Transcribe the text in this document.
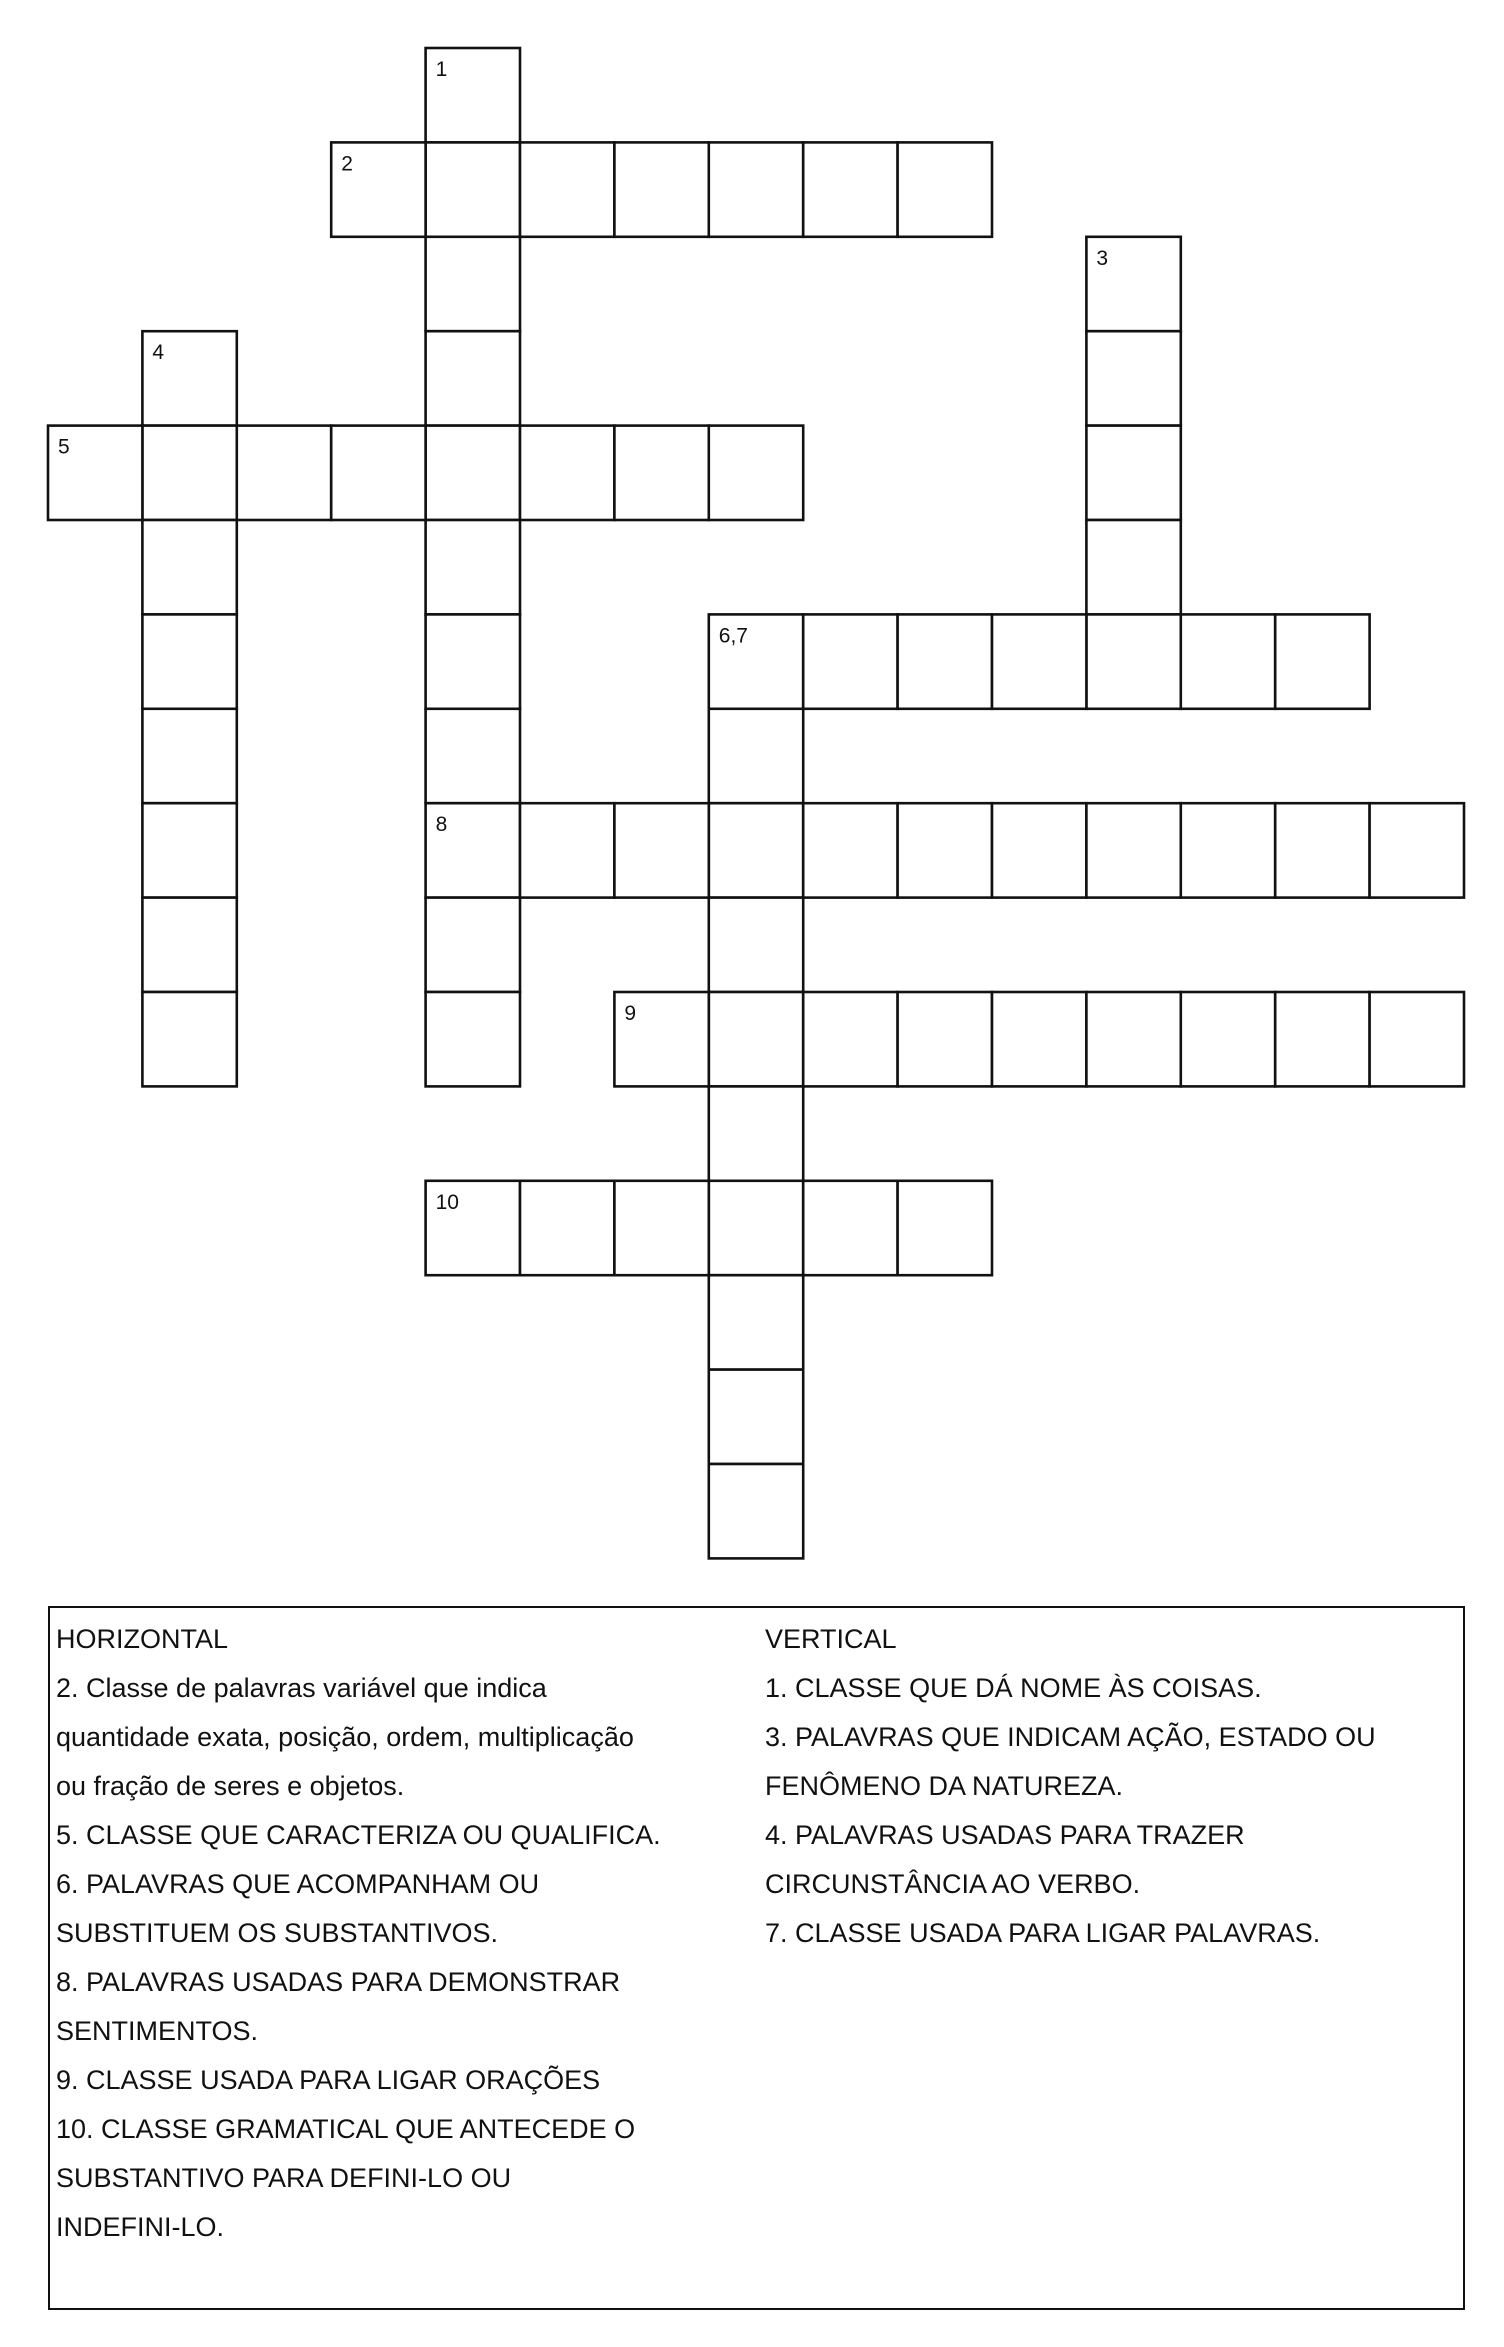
1
2
3
4
5
6,7
8
9
10
HORIZONTAL
2. Classe de palavras variável que indica
quantidade exata, posição, ordem, multiplicação
ou fração de seres e objetos.
5. CLASSE QUE CARACTERIZA OU QUALIFICA.
6. PALAVRAS QUE ACOMPANHAM OU
SUBSTITUEM OS SUBSTANTIVOS.
8. PALAVRAS USADAS PARA DEMONSTRAR
SENTIMENTOS.
9. CLASSE USADA PARA LIGAR ORAÇÕES
10. CLASSE GRAMATICAL QUE ANTECEDE O
SUBSTANTIVO PARA DEFINI-LO OU
INDEFINI-LO.
VERTICAL
1. CLASSE QUE DÁ NOME ÀS COISAS.
3. PALAVRAS QUE INDICAM AÇÃO, ESTADO OU
FENÔMENO DA NATUREZA.
4. PALAVRAS USADAS PARA TRAZER
CIRCUNSTÂNCIA AO VERBO.
7. CLASSE USADA PARA LIGAR PALAVRAS.
